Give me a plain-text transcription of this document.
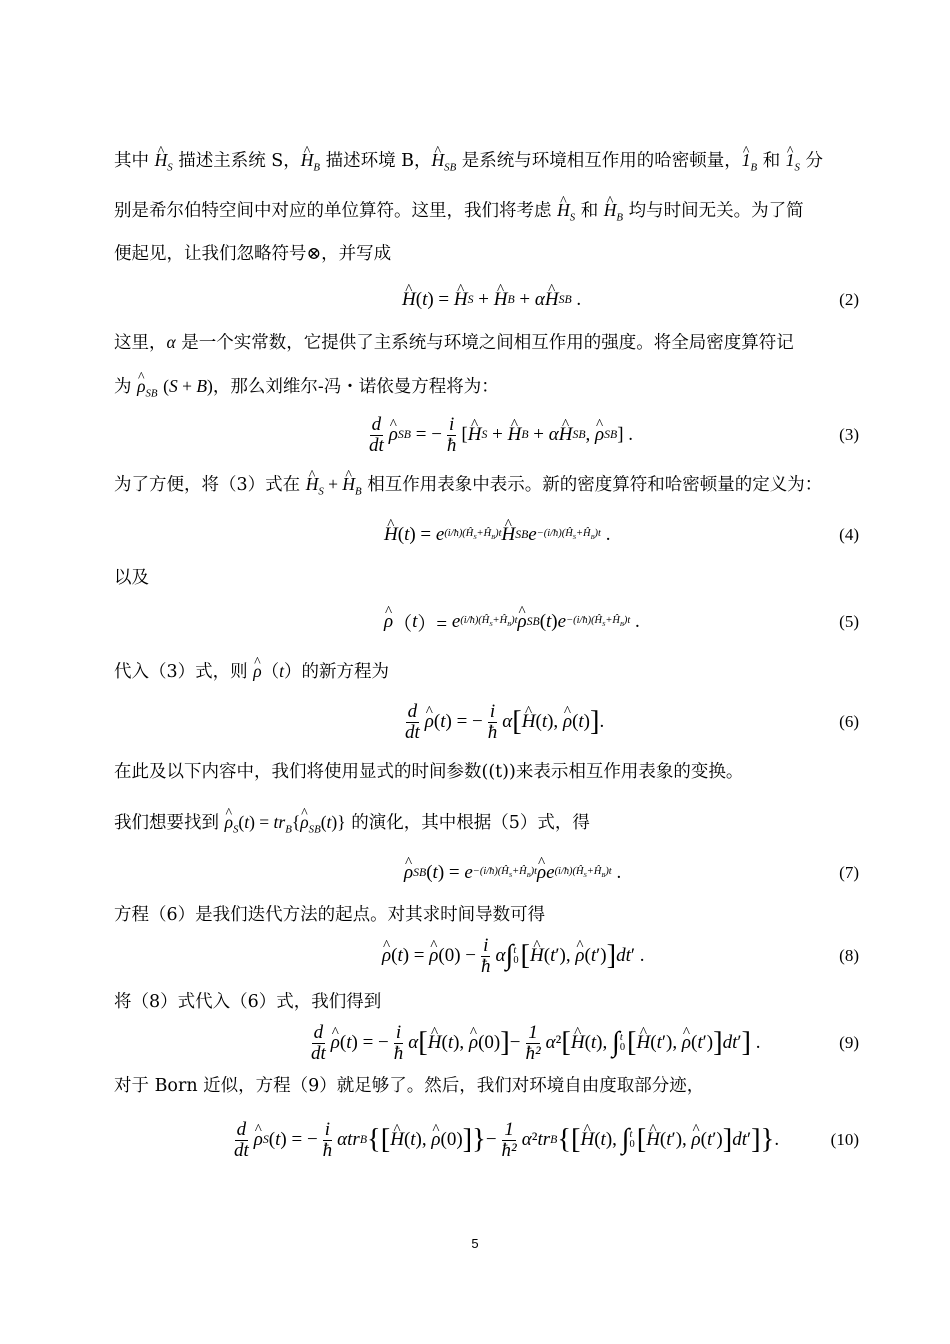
其中 ^ $H_S$ 描述主系统 S，^ $H_B$ 描述环境 B，^ $H_{SB}$ 是系统与环境相互作用的哈密顿量，^ $1_B$ 和 ^ $1_S$ 分
别是希尔伯特空间中对应的单位算符。这里，我们将考虑 ^ $H_S$ 和 ^ $H_B$ 均与时间无关。为了简
便起见，让我们忽略符号⊗，并写成
^ H ( t ) = ^ H S + ^ H B + α ^ H SB .	(2)
这里，α 是一个实常数，它提供了主系统与环境之间相互作用的强度。将全局密度算符记
为 ^ $\rho_{SB}$ (S + B)，那么刘维尔-冯・诺依曼方程将为：
$\frac{d}{dt}$ ^ ρ SB = − $\frac{i}{ħ}$ [ ^ H S + ^ H B + α ^ H SB , ^ ρ SB ] .	(3)
为了方便，将（3）式在 ^ $H_S$ + ^ $H_B$ 相互作用表象中表示。新的密度算符和哈密顿量的定义为：
^ H ( t ) = e $(i/ħ)(Ĥ_S+Ĥ_B)t$ ^ H SB $e -(i/ħ)(Ĥ_S+Ĥ_B)t$ .	(4)
以及
^ ρ （ t ）= e $(i/ħ)(Ĥ_S+Ĥ_B)t$ ^ ρ SB ( t ) $e -(i/ħ)(Ĥ_S+Ĥ_B)t$ .	(5)
代入（3）式，则 ^ ρ（t）的新方程为
$\frac{d}{dt}$ ^ ρ ( t ) = − $\frac{i}{ħ}$ α [ ^ H ( t ), ^ ρ ( t ) ] .	(6)
在此及以下内容中，我们将使用显式的时间参数((t))来表示相互作用表象的变换。
我们想要找到 ^ $\rho_S(t)$ = $tr_B\{\^{}$ $\rho_{SB}(t)$} 的演化，其中根据（5）式，得
^ ρ SB ( t ) = $e -(i/ħ)(Ĥ_S+Ĥ_B)t$ ^ ρ e $(i/ħ)(Ĥ_S+Ĥ_B)t$ .	(7)
方程（6）是我们迭代方法的起点。对其求时间导数可得
^ ρ ( t ) = ^ ρ $(0) - \frac{i}{ħ}$ α ∫ t
0 [ ^ H ( t ′), ^ ρ ( t ′) ] dt ′ .	(8)
将（8）式代入（6）式，我们得到
$\frac{d}{dt}$ ^ ρ ( t ) = − $\frac{i}{ħ}$ α [ ^ H ( t ), ^ ρ (0) ] − $\frac{1}{\text{ħ²}}$ α ² [ ^ H ( t ), ∫ t
0 [ ^ H ( t ′), ^ ρ ( t ′) ] dt ′ ] .	(9)
对于 Born 近似，方程（9）就足够了。然后，我们对环境自由度取部分迹，
$\frac{d}{dt}$ ^ ρ S ( t ) = − $\frac{i}{ħ}$ α tr B {[ ^ H ( t ), ^ ρ (0) ]} − $\frac{1}{\text{ħ²}}$ α ² tr B {[ ^ H ( t ), ∫ t
0 [ ^ H ( t ′), ^ ρ ( t ′) ] dt ′ ]} .	(10)
5
